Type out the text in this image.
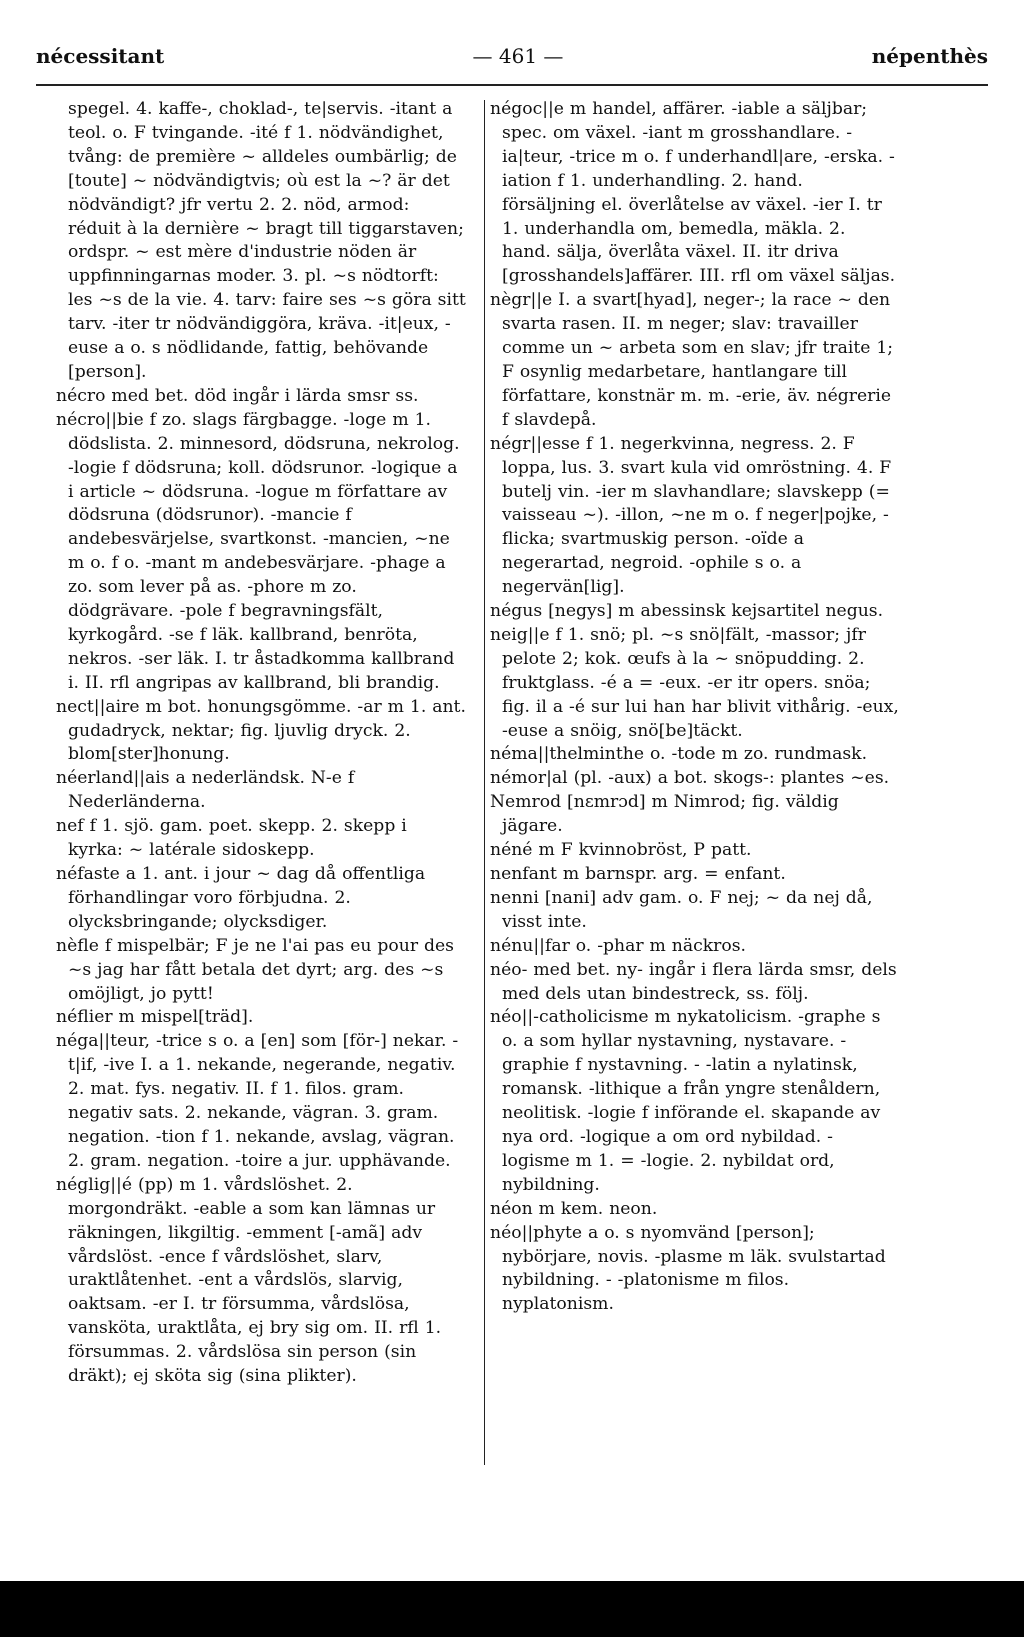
nécessitant	— 461 —	népenthès

spegel. 4. kaffe-, choklad-, te|servis. -itant a teol. o. F tvingande. -ité f 1. nödvändighet, tvång: de première ~ alldeles oumbärlig; de [toute] ~ nödvändigtvis; où est la ~? är det nödvändigt? jfr vertu 2. 2. nöd, armod: réduit à la dernière ~ bragt till tiggarstaven; ordspr. ~ est mère d'industrie nöden är uppfinningarnas moder. 3. pl. ~s nödtorft: les ~s de la vie. 4. tarv: faire ses ~s göra sitt tarv. -iter tr nödvändiggöra, kräva. -it|eux, -euse a o. s nödlidande, fattig, behövande [person].

nécro med bet. död ingår i lärda smsr ss.

nécro||bie f zo. slags färgbagge. -loge m 1. dödslista. 2. minnesord, dödsruna, nekrolog. -logie f dödsruna; koll. dödsrunor. -logique a i article ~ dödsruna. -logue m författare av dödsruna (dödsrunor). -mancie f andebesvärjelse, svartkonst. -mancien, ~ne m o. f o. -mant m andebesvärjare. -phage a zo. som lever på as. -phore m zo. dödgrävare. -pole f begravningsfält, kyrkogård. -se f läk. kallbrand, benröta, nekros. -ser läk. I. tr åstadkomma kallbrand i. II. rfl angripas av kallbrand, bli brandig.

nect||aire m bot. honungsgömme. -ar m 1. ant. gudadryck, nektar; fig. ljuvlig dryck. 2. blom[ster]honung.

néerland||ais a nederländsk. N-e f Nederländerna.

nef f 1. sjö. gam. poet. skepp. 2. skepp i kyrka: ~ latérale sidoskepp.

néfaste a 1. ant. i jour ~ dag då offentliga förhandlingar voro förbjudna. 2. olycksbringande; olycksdiger.

nèfle f mispelbär; F je ne l'ai pas eu pour des ~s jag har fått betala det dyrt; arg. des ~s omöjligt, jo pytt!

néflier m mispel[träd].

néga||teur, -trice s o. a [en] som [för-] nekar. -t|if, -ive I. a 1. nekande, negerande, negativ. 2. mat. fys. negativ. II. f 1. filos. gram. negativ sats. 2. nekande, vägran. 3. gram. negation. -tion f 1. nekande, avslag, vägran. 2. gram. negation. -toire a jur. upphävande.

néglig||é (pp) m 1. vårdslöshet. 2. morgondräkt. -eable a som kan lämnas ur räkningen, likgiltig. -emment [-amã] adv vårdslöst. -ence f vårdslöshet, slarv, uraktlåtenhet. -ent a vårdslös, slarvig, oaktsam. -er I. tr försumma, vårdslösa, vansköta, uraktlåta, ej bry sig om. II. rfl 1. försummas. 2. vårdslösa sin person (sin dräkt); ej sköta sig (sina plikter).

négoc||e m handel, affärer. -iable a säljbar; spec. om växel. -iant m grosshandlare. -ia|teur, -trice m o. f underhandl|are, -erska. -iation f 1. underhandling. 2. hand. försäljning el. överlåtelse av växel. -ier I. tr 1. underhandla om, bemedla, mäkla. 2. hand. sälja, överlåta växel. II. itr driva [grosshandels]affärer. III. rfl om växel säljas.

nègr||e I. a svart[hyad], neger-; la race ~ den svarta rasen. II. m neger; slav: travailler comme un ~ arbeta som en slav; jfr traite 1; F osynlig medarbetare, hantlangare till författare, konstnär m. m. -erie, äv. négrerie f slavdepå.

négr||esse f 1. negerkvinna, negress. 2. F loppa, lus. 3. svart kula vid omröstning. 4. F butelj vin. -ier m slavhandlare; slavskepp (= vaisseau ~). -illon, ~ne m o. f neger|pojke, -flicka; svartmuskig person. -oïde a negerartad, negroid. -ophile s o. a negervän[lig].

négus [negys] m abessinsk kejsartitel negus.

neig||e f 1. snö; pl. ~s snö|fält, -massor; jfr pelote 2; kok. œufs à la ~ snöpudding. 2. fruktglass. -é a = -eux. -er itr opers. snöa; fig. il a -é sur lui han har blivit vithårig. -eux, -euse a snöig, snö[be]täckt.

néma||thelminthe o. -tode m zo. rundmask.

némor|al (pl. -aux) a bot. skogs-: plantes ~es.

Nemrod [nɛmrɔd] m Nimrod; fig. väldig jägare.

néné m F kvinnobröst, P patt.

nenfant m barnspr. arg. = enfant.

nenni [nani] adv gam. o. F nej; ~ da nej då, visst inte.

nénu||far o. -phar m näckros.

néo- med bet. ny- ingår i flera lärda smsr, dels med dels utan bindestreck, ss. följ.

néo||-catholicisme m nykatolicism. -graphe s o. a som hyllar nystavning, nystavare. -graphie f nystavning. - -latin a nylatinsk, romansk. -lithique a från yngre stenåldern, neolitisk. -logie f införande el. skapande av nya ord. -logique a om ord nybildad. -logisme m 1. = -logie. 2. nybildat ord, nybildning.

néon m kem. neon.

néo||phyte a o. s nyomvänd [person]; nybörjare, novis. -plasme m läk. svulstartad nybildning. - -platonisme m filos. nyplatonism.
